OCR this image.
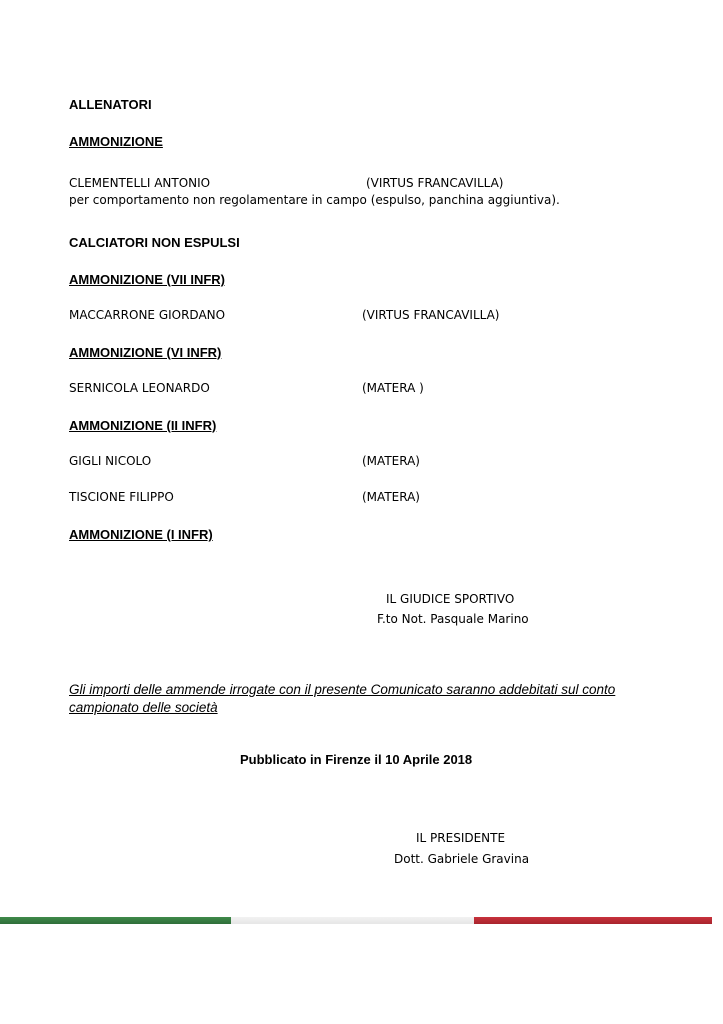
ALLENATORI
AMMONIZIONE
CLEMENTELLI ANTONIO	(VIRTUS FRANCAVILLA)
per comportamento non regolamentare in campo (espulso, panchina aggiuntiva).
CALCIATORI NON ESPULSI
AMMONIZIONE (VII INFR)
MACCARRONE GIORDANO	(VIRTUS FRANCAVILLA)
AMMONIZIONE (VI INFR)
SERNICOLA LEONARDO	(MATERA )
AMMONIZIONE (II INFR)
GIGLI NICOLO	(MATERA)
TISCIONE FILIPPO	(MATERA)
AMMONIZIONE (I INFR)
IL GIUDICE SPORTIVO
F.to Not. Pasquale Marino
Gli importi delle ammende irrogate con il presente Comunicato saranno addebitati sul conto campionato delle società
Pubblicato in Firenze il 10 Aprile 2018
IL PRESIDENTE
Dott. Gabriele Gravina
